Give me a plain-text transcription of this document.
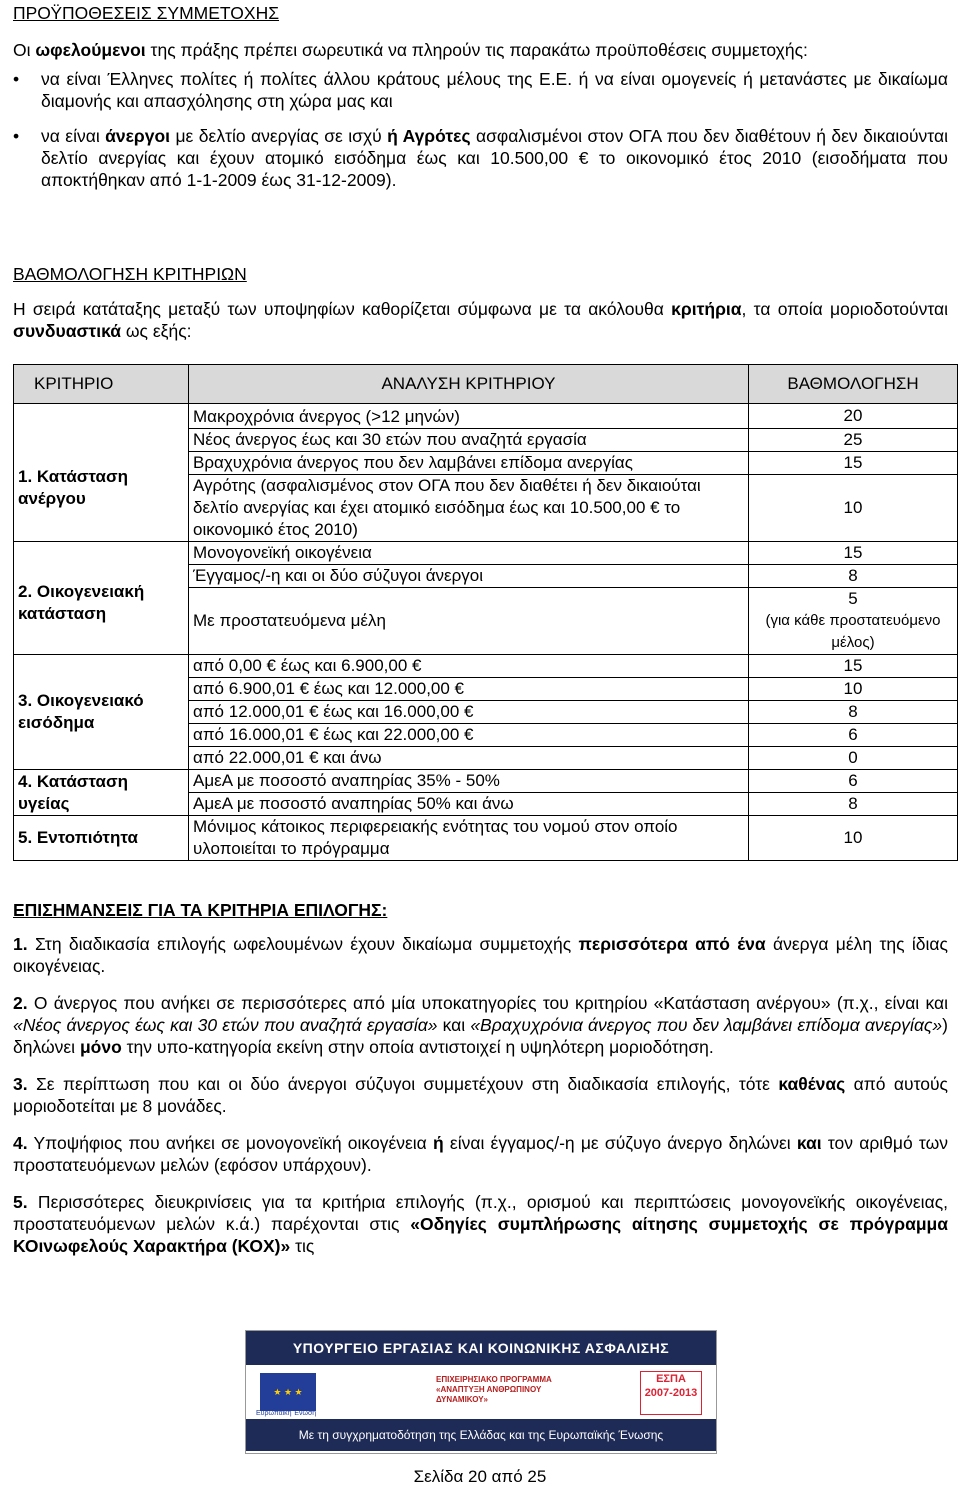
ΠΡΟΫΠΟΘΕΣΕΙΣ ΣΥΜΜΕΤΟΧΗΣ

Οι ωφελούμενοι της πράξης πρέπει σωρευτικά να πληρούν τις παρακάτω προϋποθέσεις συμμετοχής:

• να είναι Έλληνες πολίτες ή πολίτες άλλου κράτους μέλους της Ε.Ε. ή να είναι ομογενείς ή μετανάστες με δικαίωμα διαμονής και απασχόλησης στη χώρα μας και
• να είναι άνεργοι με δελτίο ανεργίας σε ισχύ ή Αγρότες ασφαλισμένοι στον ΟΓΑ που δεν διαθέτουν ή δεν δικαιούνται δελτίο ανεργίας και έχουν ατομικό εισόδημα έως και 10.500,00 € το οικονομικό έτος 2010 (εισοδήματα που αποκτήθηκαν από 1-1-2009 έως 31-12-2009).

ΒΑΘΜΟΛΟΓΗΣΗ ΚΡΙΤΗΡΙΩΝ

Η σειρά κατάταξης μεταξύ των υποψηφίων καθορίζεται σύμφωνα με τα ακόλουθα κριτήρια, τα οποία μοριοδοτούνται συνδυαστικά ως εξής:

ΚΡΙΤΗΡΙΟ	ΑΝΑΛΥΣΗ ΚΡΙΤΗΡΙΟΥ	ΒΑΘΜΟΛΟΓΗΣΗ
1. Κατάσταση ανέργου	Μακροχρόνια άνεργος (>12 μηνών)	20
	Νέος άνεργος έως και 30 ετών που αναζητά εργασία	25
	Βραχυχρόνια άνεργος που δεν λαμβάνει επίδομα ανεργίας	15
	Αγρότης (ασφαλισμένος στον ΟΓΑ που δεν διαθέτει ή δεν δικαιούται δελτίο ανεργίας και έχει ατομικό εισόδημα έως και 10.500,00 € το οικονομικό έτος 2010)	10
2. Οικογενειακή κατάσταση	Μονογονεϊκή οικογένεια	15
	Έγγαμος/-η και οι δύο σύζυγοι άνεργοι	8
	Με προστατευόμενα μέλη	5
(για κάθε προστατευόμενο μέλος)

3. Οικογενειακό εισόδημα	από 0,00 € έως και 6.900,00 €	15
	από 6.900,01 € έως και 12.000,00 €	10
	από 12.000,01 € έως και 16.000,00 €	8
	από 16.000,01 € έως και 22.000,00 €	6
	από 22.000,01 € και άνω	0
4. Κατάσταση υγείας	ΑμεΑ με ποσοστό αναπηρίας 35% - 50%	6
	ΑμεΑ με ποσοστό αναπηρίας 50% και άνω	8
5. Εντοπιότητα	Μόνιμος κάτοικος περιφερειακής ενότητας του νομού στον οποίο υλοποιείται το πρόγραμμα	10

ΕΠΙΣΗΜΑΝΣΕΙΣ ΓΙΑ ΤΑ ΚΡΙΤΗΡΙΑ ΕΠΙΛΟΓΗΣ:

1. Στη διαδικασία επιλογής ωφελουμένων έχουν δικαίωμα συμμετοχής περισσότερα από ένα άνεργα μέλη της ίδιας οικογένειας.

2. Ο άνεργος που ανήκει σε περισσότερες από μία υποκατηγορίες του κριτηρίου «Κατάσταση ανέργου» (π.χ., είναι και «Νέος άνεργος έως και 30 ετών που αναζητά εργασία» και «Βραχυχρόνια άνεργος που δεν λαμβάνει επίδομα ανεργίας») δηλώνει μόνο την υπο-κατηγορία εκείνη στην οποία αντιστοιχεί η υψηλότερη μοριοδότηση.

3. Σε περίπτωση που και οι δύο άνεργοι σύζυγοι συμμετέχουν στη διαδικασία επιλογής, τότε καθένας από αυτούς μοριοδοτείται με 8 μονάδες.

4. Υποψήφιος που ανήκει σε μονογονεϊκή οικογένεια ή είναι έγγαμος/-η με σύζυγο άνεργο δηλώνει και τον αριθμό των προστατευόμενων μελών (εφόσον υπάρχουν).

5. Περισσότερες διευκρινίσεις για τα κριτήρια επιλογής (π.χ., ορισμού και περιπτώσεις μονογονεϊκής οικογένειας, προστατευόμενων μελών κ.ά.) παρέχονται στις «Οδηγίες συμπλήρωσης αίτησης συμμετοχής σε πρόγραμμα ΚΟινωφελούς Χαρακτήρα (ΚΟΧ)» τις

ΥΠΟΥΡΓΕΙΟ ΕΡΓΑΣΙΑΣ ΚΑΙ ΚΟΙΝΩΝΙΚΗΣ ΑΣΦΑΛΙΣΗΣ
★ ★ ★
Ευρωπαϊκή Ένωση
ΕΠΙΧΕΙΡΗΣΙΑΚΟ ΠΡΟΓΡΑΜΜΑ «ΑΝΑΠΤΥΞΗ ΑΝΘΡΩΠΙΝΟΥ ΔΥΝΑΜΙΚΟΥ»
ΕΣΠΑ 2007-2013
Με τη συγχρηματοδότηση της Ελλάδας και της Ευρωπαϊκής Ένωσης
Σελίδα 20 από 25
